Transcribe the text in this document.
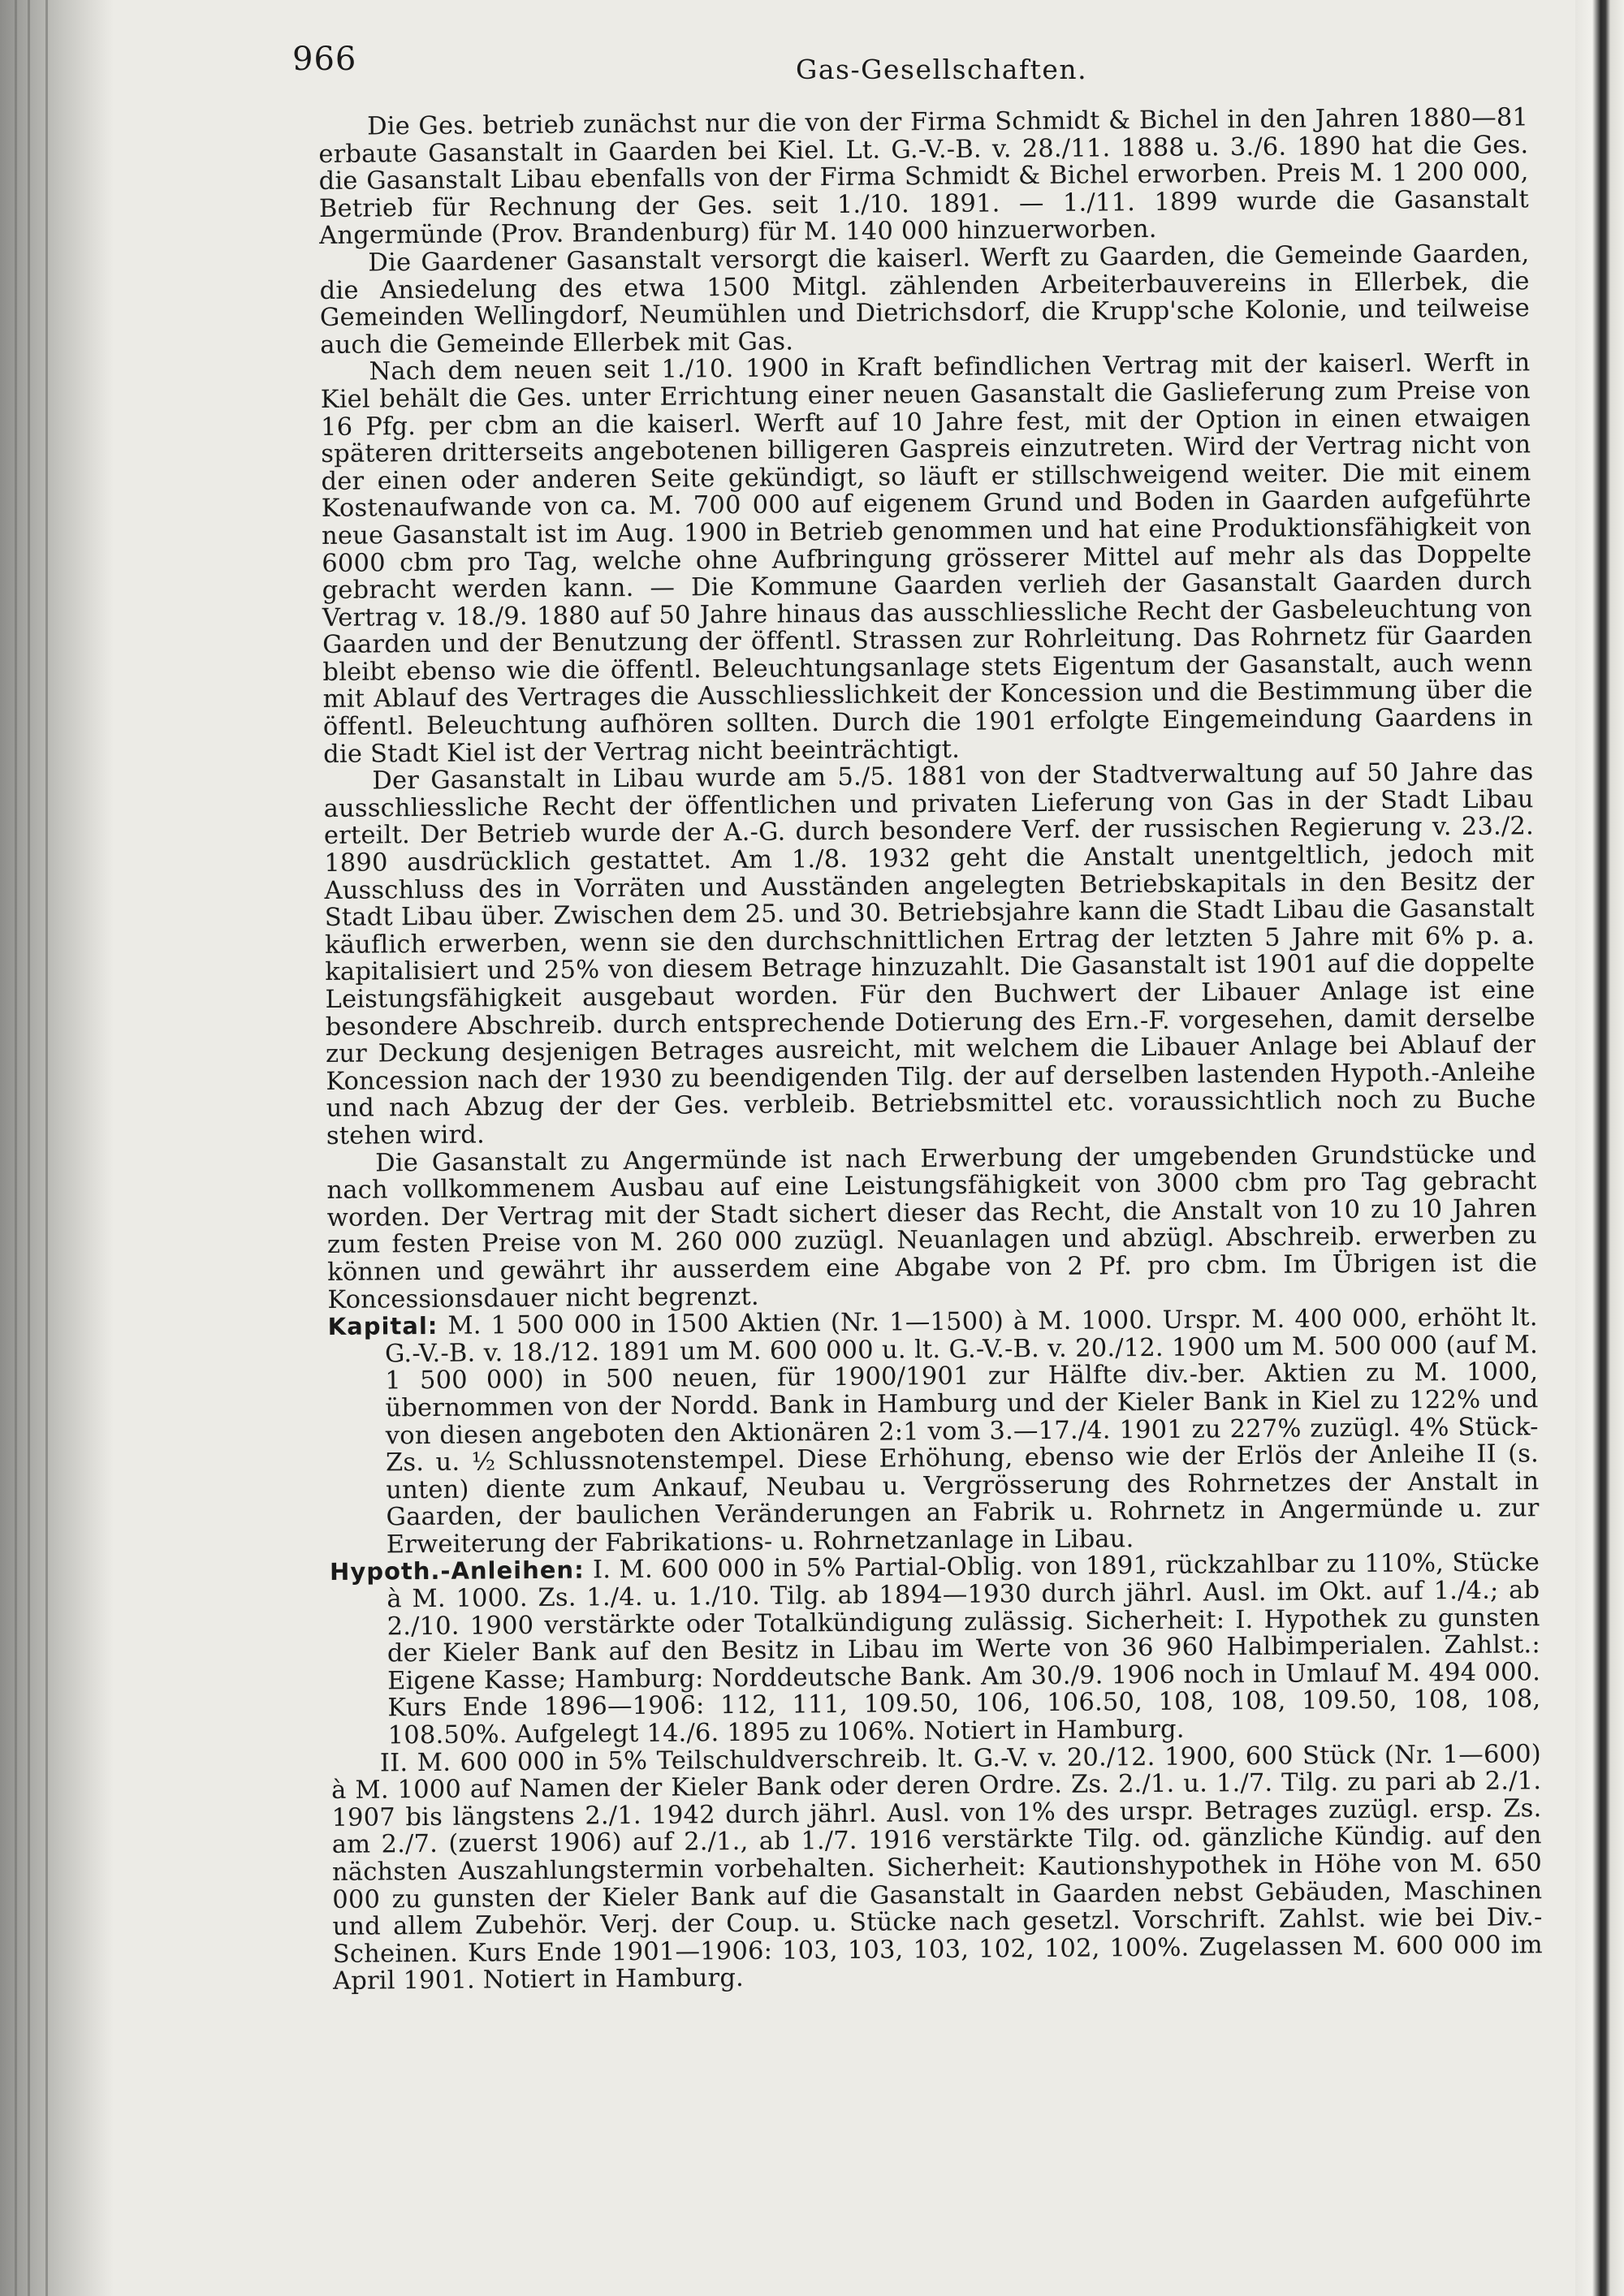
966	Gas-Gesellschaften.

Die Ges. betrieb zunächst nur die von der Firma Schmidt & Bichel in den Jahren 1880—81 erbaute Gasanstalt in Gaarden bei Kiel. Lt. G.-V.-B. v. 28./11. 1888 u. 3./6. 1890 hat die Ges. die Gasanstalt Libau ebenfalls von der Firma Schmidt & Bichel erworben. Preis M. 1 200 000, Betrieb für Rechnung der Ges. seit 1./10. 1891. — 1./11. 1899 wurde die Gasanstalt Angermünde (Prov. Brandenburg) für M. 140 000 hinzuerworben.

Die Gaardener Gasanstalt versorgt die kaiserl. Werft zu Gaarden, die Gemeinde Gaarden, die Ansiedelung des etwa 1500 Mitgl. zählenden Arbeiterbauvereins in Ellerbek, die Gemeinden Wellingdorf, Neumühlen und Dietrichsdorf, die Krupp'sche Kolonie, und teilweise auch die Gemeinde Ellerbek mit Gas.

Nach dem neuen seit 1./10. 1900 in Kraft befindlichen Vertrag mit der kaiserl. Werft in Kiel behält die Ges. unter Errichtung einer neuen Gasanstalt die Gaslieferung zum Preise von 16 Pfg. per cbm an die kaiserl. Werft auf 10 Jahre fest, mit der Option in einen etwaigen späteren dritterseits angebotenen billigeren Gaspreis einzutreten. Wird der Vertrag nicht von der einen oder anderen Seite gekündigt, so läuft er stillschweigend weiter. Die mit einem Kostenaufwande von ca. M. 700 000 auf eigenem Grund und Boden in Gaarden aufgeführte neue Gasanstalt ist im Aug. 1900 in Betrieb genommen und hat eine Produktionsfähigkeit von 6000 cbm pro Tag, welche ohne Aufbringung grösserer Mittel auf mehr als das Doppelte gebracht werden kann. — Die Kommune Gaarden verlieh der Gasanstalt Gaarden durch Vertrag v. 18./9. 1880 auf 50 Jahre hinaus das ausschliessliche Recht der Gasbeleuchtung von Gaarden und der Benutzung der öffentl. Strassen zur Rohrleitung. Das Rohrnetz für Gaarden bleibt ebenso wie die öffentl. Beleuchtungsanlage stets Eigentum der Gasanstalt, auch wenn mit Ablauf des Vertrages die Ausschliesslichkeit der Koncession und die Bestimmung über die öffentl. Beleuchtung aufhören sollten. Durch die 1901 erfolgte Eingemeindung Gaardens in die Stadt Kiel ist der Vertrag nicht beeinträchtigt.

Der Gasanstalt in Libau wurde am 5./5. 1881 von der Stadtverwaltung auf 50 Jahre das ausschliessliche Recht der öffentlichen und privaten Lieferung von Gas in der Stadt Libau erteilt. Der Betrieb wurde der A.-G. durch besondere Verf. der russischen Regierung v. 23./2. 1890 ausdrücklich gestattet. Am 1./8. 1932 geht die Anstalt unentgeltlich, jedoch mit Ausschluss des in Vorräten und Ausständen angelegten Betriebskapitals in den Besitz der Stadt Libau über. Zwischen dem 25. und 30. Betriebsjahre kann die Stadt Libau die Gasanstalt käuflich erwerben, wenn sie den durchschnittlichen Ertrag der letzten 5 Jahre mit 6% p. a. kapitalisiert und 25% von diesem Betrage hinzuzahlt. Die Gasanstalt ist 1901 auf die doppelte Leistungsfähigkeit ausgebaut worden. Für den Buchwert der Libauer Anlage ist eine besondere Abschreib. durch entsprechende Dotierung des Ern.-F. vorgesehen, damit derselbe zur Deckung desjenigen Betrages ausreicht, mit welchem die Libauer Anlage bei Ablauf der Koncession nach der 1930 zu beendigenden Tilg. der auf derselben lastenden Hypoth.-Anleihe und nach Abzug der der Ges. verbleib. Betriebsmittel etc. voraussichtlich noch zu Buche stehen wird.

Die Gasanstalt zu Angermünde ist nach Erwerbung der umgebenden Grundstücke und nach vollkommenem Ausbau auf eine Leistungsfähigkeit von 3000 cbm pro Tag gebracht worden. Der Vertrag mit der Stadt sichert dieser das Recht, die Anstalt von 10 zu 10 Jahren zum festen Preise von M. 260 000 zuzügl. Neuanlagen und abzügl. Abschreib. erwerben zu können und gewährt ihr ausserdem eine Abgabe von 2 Pf. pro cbm. Im Übrigen ist die Koncessionsdauer nicht begrenzt.

Kapital: M. 1 500 000 in 1500 Aktien (Nr. 1—1500) à M. 1000. Urspr. M. 400 000, erhöht lt. G.-V.-B. v. 18./12. 1891 um M. 600 000 u. lt. G.-V.-B. v. 20./12. 1900 um M. 500 000 (auf M. 1 500 000) in 500 neuen, für 1900/1901 zur Hälfte div.-ber. Aktien zu M. 1000, übernommen von der Nordd. Bank in Hamburg und der Kieler Bank in Kiel zu 122% und von diesen angeboten den Aktionären 2:1 vom 3.—17./4. 1901 zu 227% zuzügl. 4% Stück-Zs. u. ½ Schlussnotenstempel. Diese Erhöhung, ebenso wie der Erlös der Anleihe II (s. unten) diente zum Ankauf, Neubau u. Vergrösserung des Rohrnetzes der Anstalt in Gaarden, der baulichen Veränderungen an Fabrik u. Rohrnetz in Angermünde u. zur Erweiterung der Fabrikations- u. Rohrnetzanlage in Libau.

Hypoth.-Anleihen: I. M. 600 000 in 5% Partial-Oblig. von 1891, rückzahlbar zu 110%, Stücke à M. 1000. Zs. 1./4. u. 1./10. Tilg. ab 1894—1930 durch jährl. Ausl. im Okt. auf 1./4.; ab 2./10. 1900 verstärkte oder Totalkündigung zulässig. Sicherheit: I. Hypothek zu gunsten der Kieler Bank auf den Besitz in Libau im Werte von 36 960 Halbimperialen. Zahlst.: Eigene Kasse; Hamburg: Norddeutsche Bank. Am 30./9. 1906 noch in Umlauf M. 494 000. Kurs Ende 1896—1906: 112, 111, 109.50, 106, 106.50, 108, 108, 109.50, 108, 108, 108.50%. Aufgelegt 14./6. 1895 zu 106%. Notiert in Hamburg.

II. M. 600 000 in 5% Teilschuldverschreib. lt. G.-V. v. 20./12. 1900, 600 Stück (Nr. 1—600) à M. 1000 auf Namen der Kieler Bank oder deren Ordre. Zs. 2./1. u. 1./7. Tilg. zu pari ab 2./1. 1907 bis längstens 2./1. 1942 durch jährl. Ausl. von 1% des urspr. Betrages zuzügl. ersp. Zs. am 2./7. (zuerst 1906) auf 2./1., ab 1./7. 1916 verstärkte Tilg. od. gänzliche Kündig. auf den nächsten Auszahlungstermin vorbehalten. Sicherheit: Kautionshypothek in Höhe von M. 650 000 zu gunsten der Kieler Bank auf die Gasanstalt in Gaarden nebst Gebäuden, Maschinen und allem Zubehör. Verj. der Coup. u. Stücke nach gesetzl. Vorschrift. Zahlst. wie bei Div.-Scheinen. Kurs Ende 1901—1906: 103, 103, 103, 102, 102, 100%. Zugelassen M. 600 000 im April 1901. Notiert in Hamburg.
